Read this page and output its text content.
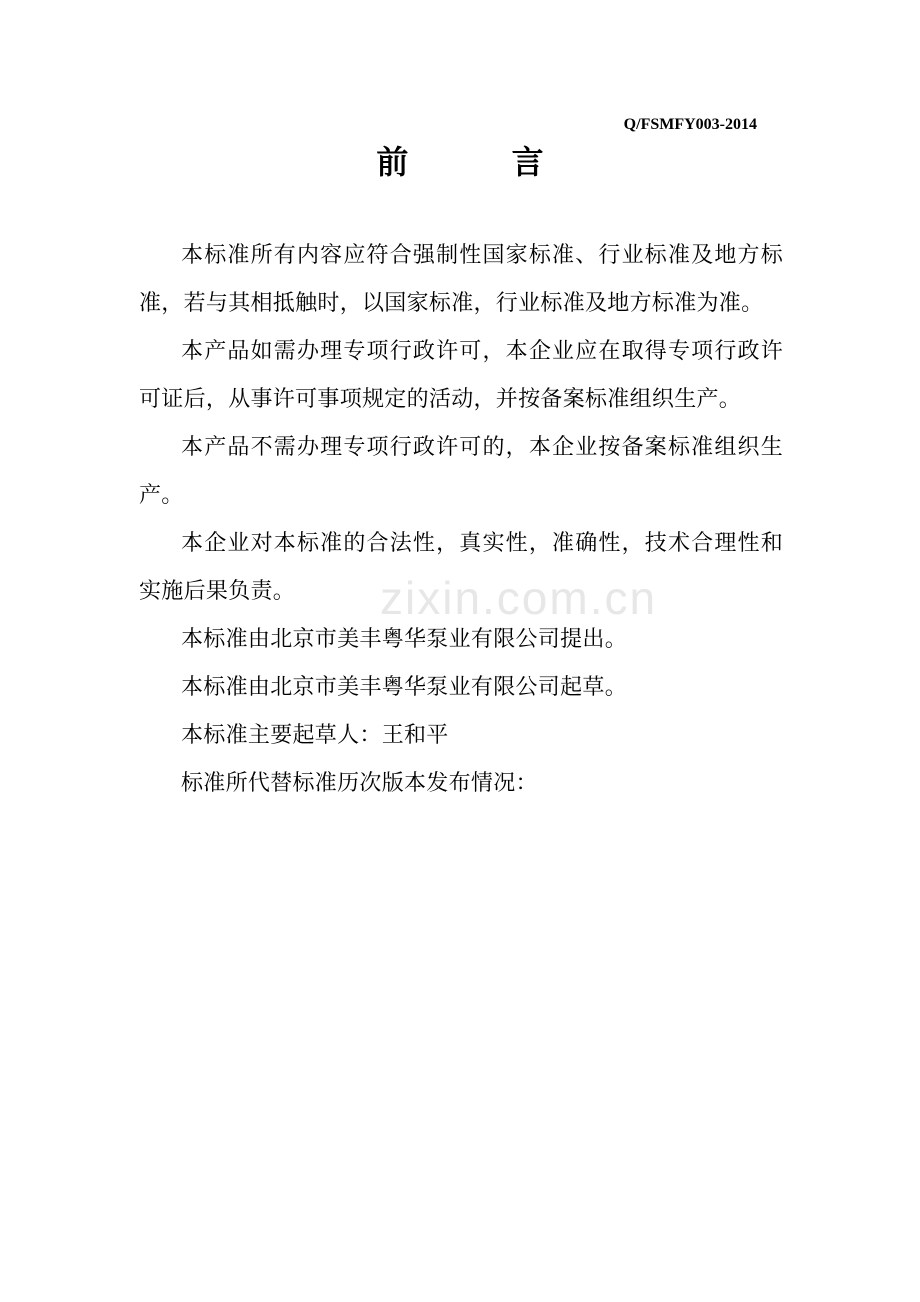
Q/FSMFY003-2014
前 言
zixin.com.cn

本标准所有内容应符合强制性国家标准、行业标准及地方标准，若与其相抵触时，以国家标准，行业标准及地方标准为准。

本产品如需办理专项行政许可，本企业应在取得专项行政许可证后，从事许可事项规定的活动，并按备案标准组织生产。

本产品不需办理专项行政许可的，本企业按备案标准组织生产。

本企业对本标准的合法性，真实性，准确性，技术合理性和实施后果负责。

本标准由北京市美丰粤华泵业有限公司提出。

本标准由北京市美丰粤华泵业有限公司起草。

本标准主要起草人：王和平

标准所代替标准历次版本发布情况：
